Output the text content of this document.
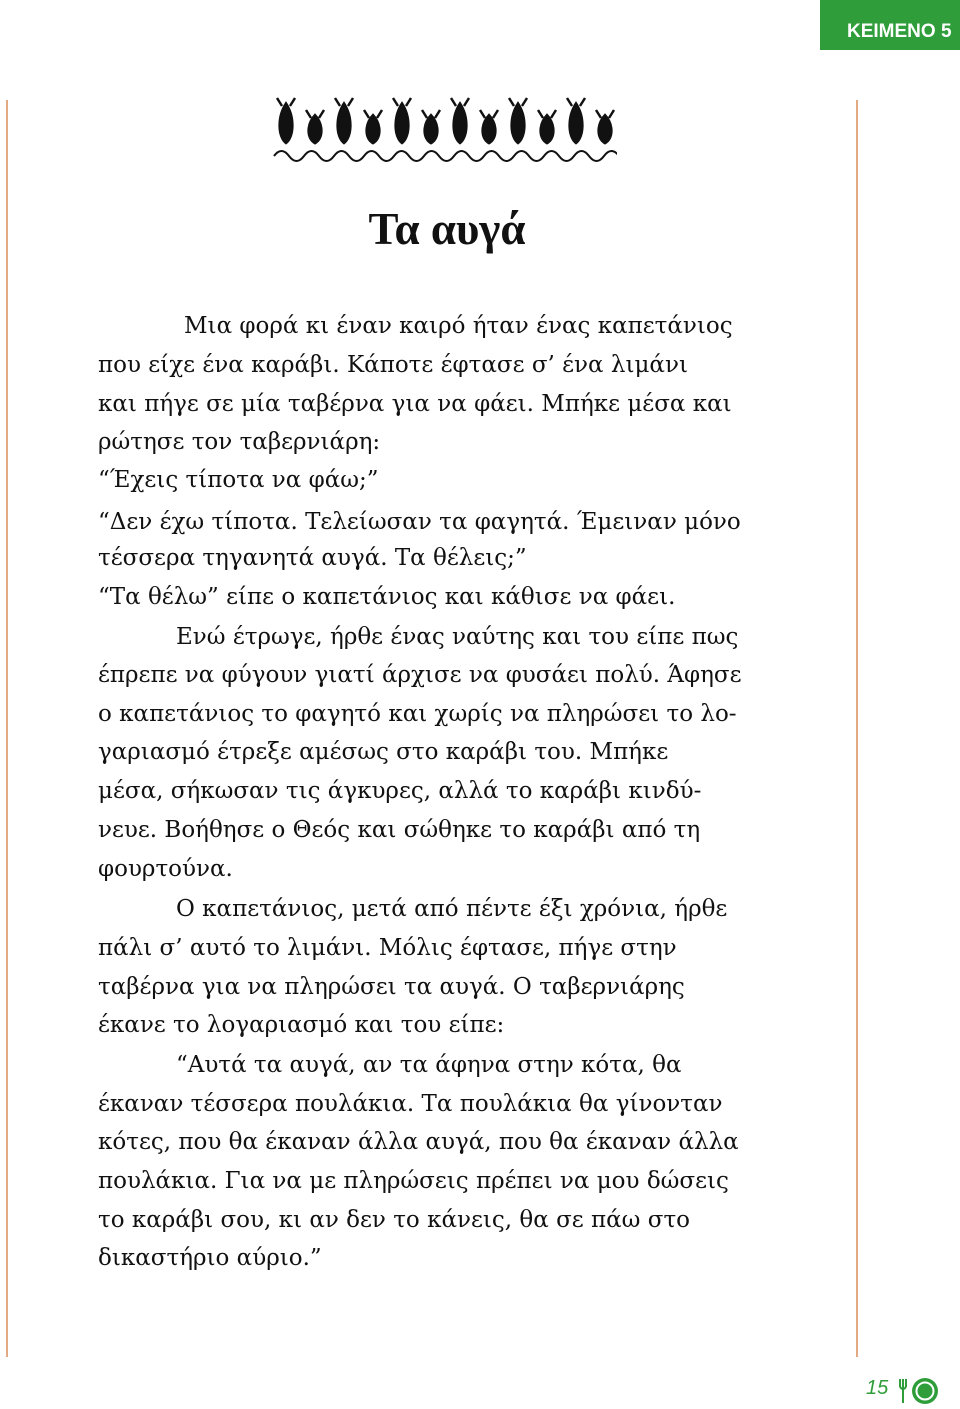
ΚΕΙΜΕΝΟ 5
Τα αυγά
Μια φορά κι έναν καιρό ήταν ένας καπετάνιος
που είχε ένα καράβι. Κάποτε έφτασε σ’ ένα λιμάνι
και πήγε σε μία ταβέρνα για να φάει. Μπήκε μέσα και
ρώτησε τον ταβερνιάρη:
“Έχεις τίποτα να φάω;”
“Δεν έχω τίποτα. Τελείωσαν τα φαγητά. Έμειναν μόνο
τέσσερα τηγανητά αυγά. Τα θέλεις;”
“Τα θέλω” είπε ο καπετάνιος και κάθισε να φάει.
Ενώ έτρωγε, ήρθε ένας ναύτης και του είπε πως
έπρεπε να φύγουν γιατί άρχισε να φυσάει πολύ. Άφησε
ο καπετάνιος το φαγητό και χωρίς να πληρώσει το λο-
γαριασμό έτρεξε αμέσως στο καράβι του. Μπήκε
μέσα, σήκωσαν τις άγκυρες, αλλά το καράβι κινδύ-
νευε. Βοήθησε ο Θεός και σώθηκε το καράβι από τη
φουρτούνα.
Ο καπετάνιος, μετά από πέντε έξι χρόνια, ήρθε
πάλι σ’ αυτό το λιμάνι. Μόλις έφτασε, πήγε στην
ταβέρνα για να πληρώσει τα αυγά. Ο ταβερνιάρης
έκανε το λογαριασμό και του είπε:
“Αυτά τα αυγά, αν τα άφηνα στην κότα, θα
έκαναν τέσσερα πουλάκια. Τα πουλάκια θα γίνονταν
κότες, που θα έκαναν άλλα αυγά, που θα έκαναν άλλα
πουλάκια. Για να με πληρώσεις πρέπει να μου δώσεις
το καράβι σου, κι αν δεν το κάνεις, θα σε πάω στο
δικαστήριο αύριο.”
15
